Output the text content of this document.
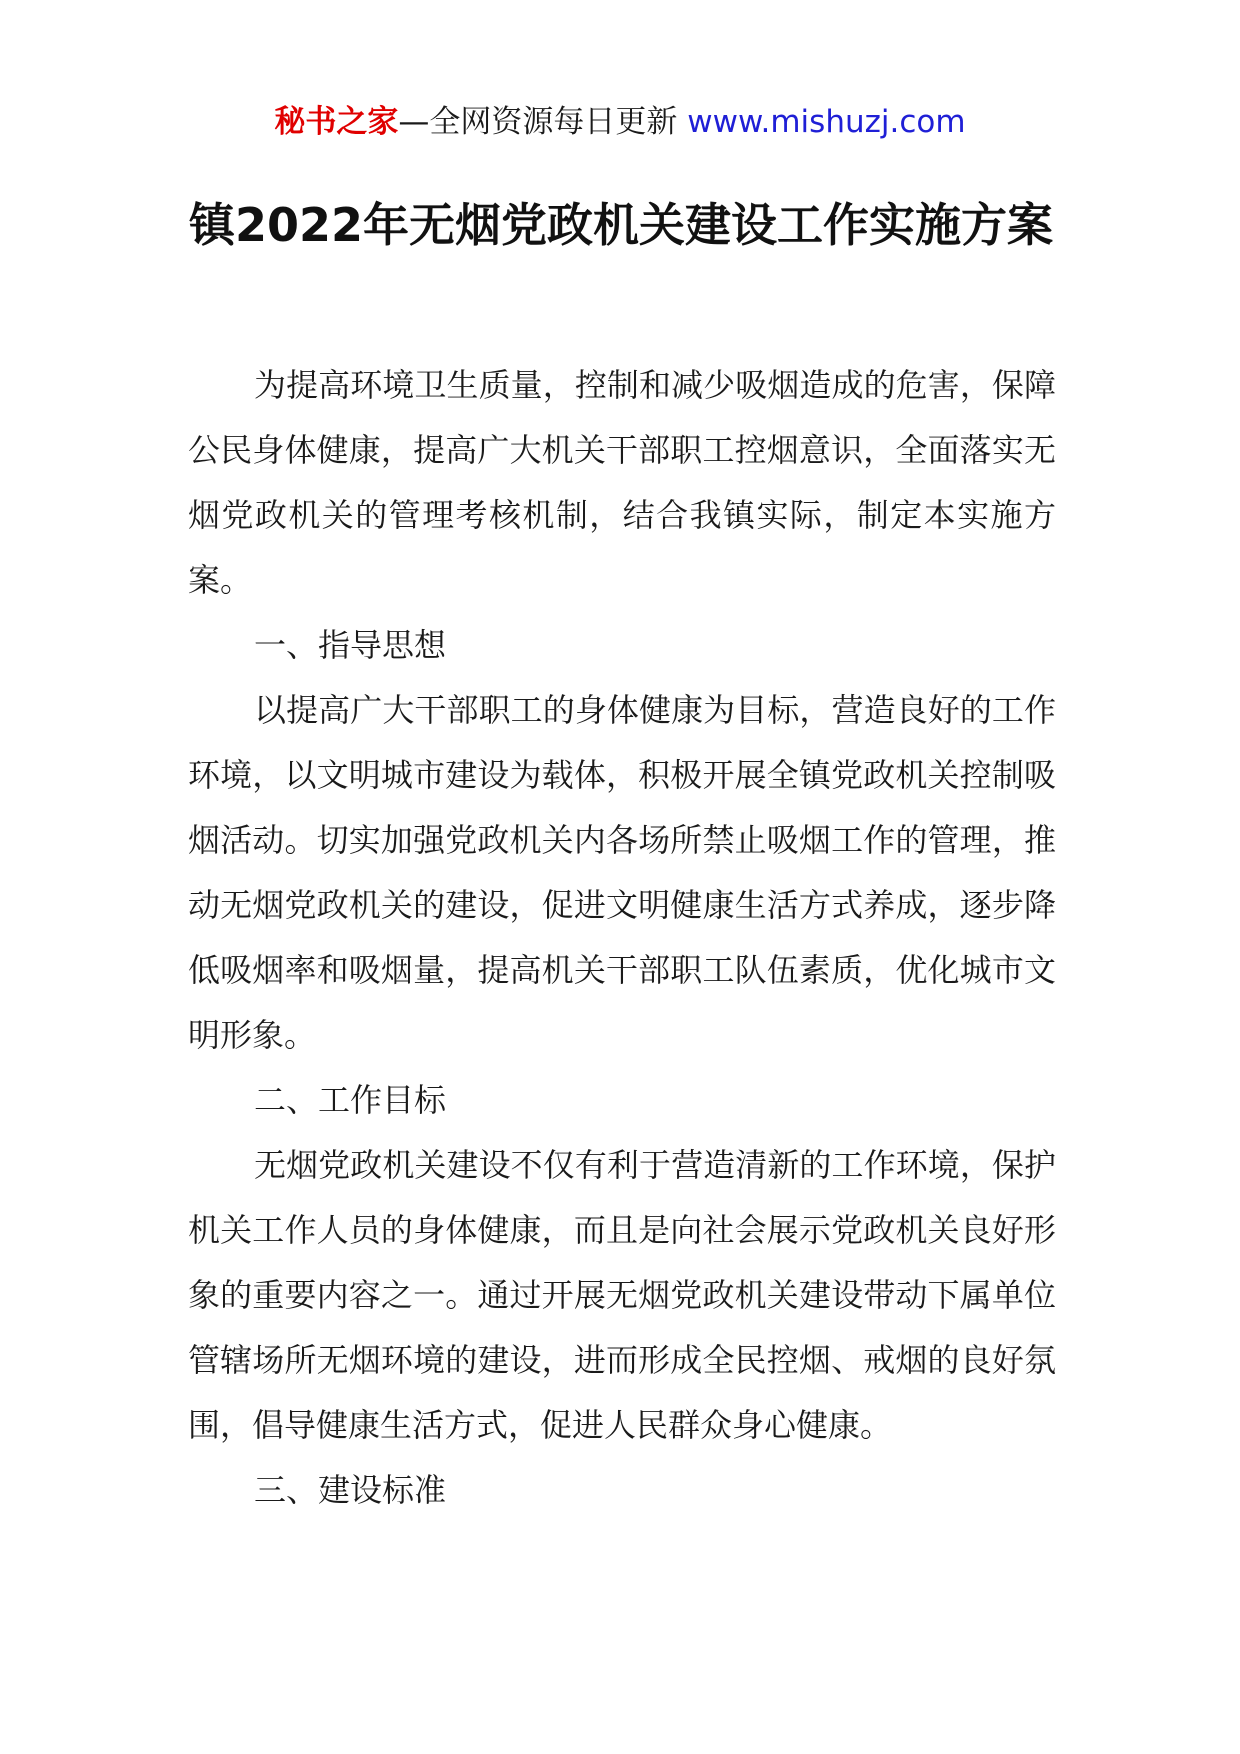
秘书之家—全网资源每日更新 www.mishuzj.com
镇2022年无烟党政机关建设工作实施方案

为提高环境卫生质量，控制和减少吸烟造成的危害，保障公民身体健康，提高广大机关干部职工控烟意识，全面落实无烟党政机关的管理考核机制，结合我镇实际，制定本实施方案。

一、指导思想

以提高广大干部职工的身体健康为目标，营造良好的工作环境，以文明城市建设为载体，积极开展全镇党政机关控制吸烟活动。切实加强党政机关内各场所禁止吸烟工作的管理，推动无烟党政机关的建设，促进文明健康生活方式养成，逐步降低吸烟率和吸烟量，提高机关干部职工队伍素质，优化城市文明形象。

二、工作目标

无烟党政机关建设不仅有利于营造清新的工作环境，保护机关工作人员的身体健康，而且是向社会展示党政机关良好形象的重要内容之一。通过开展无烟党政机关建设带动下属单位管辖场所无烟环境的建设，进而形成全民控烟、戒烟的良好氛围，倡导健康生活方式，促进人民群众身心健康。

三、建设标准
